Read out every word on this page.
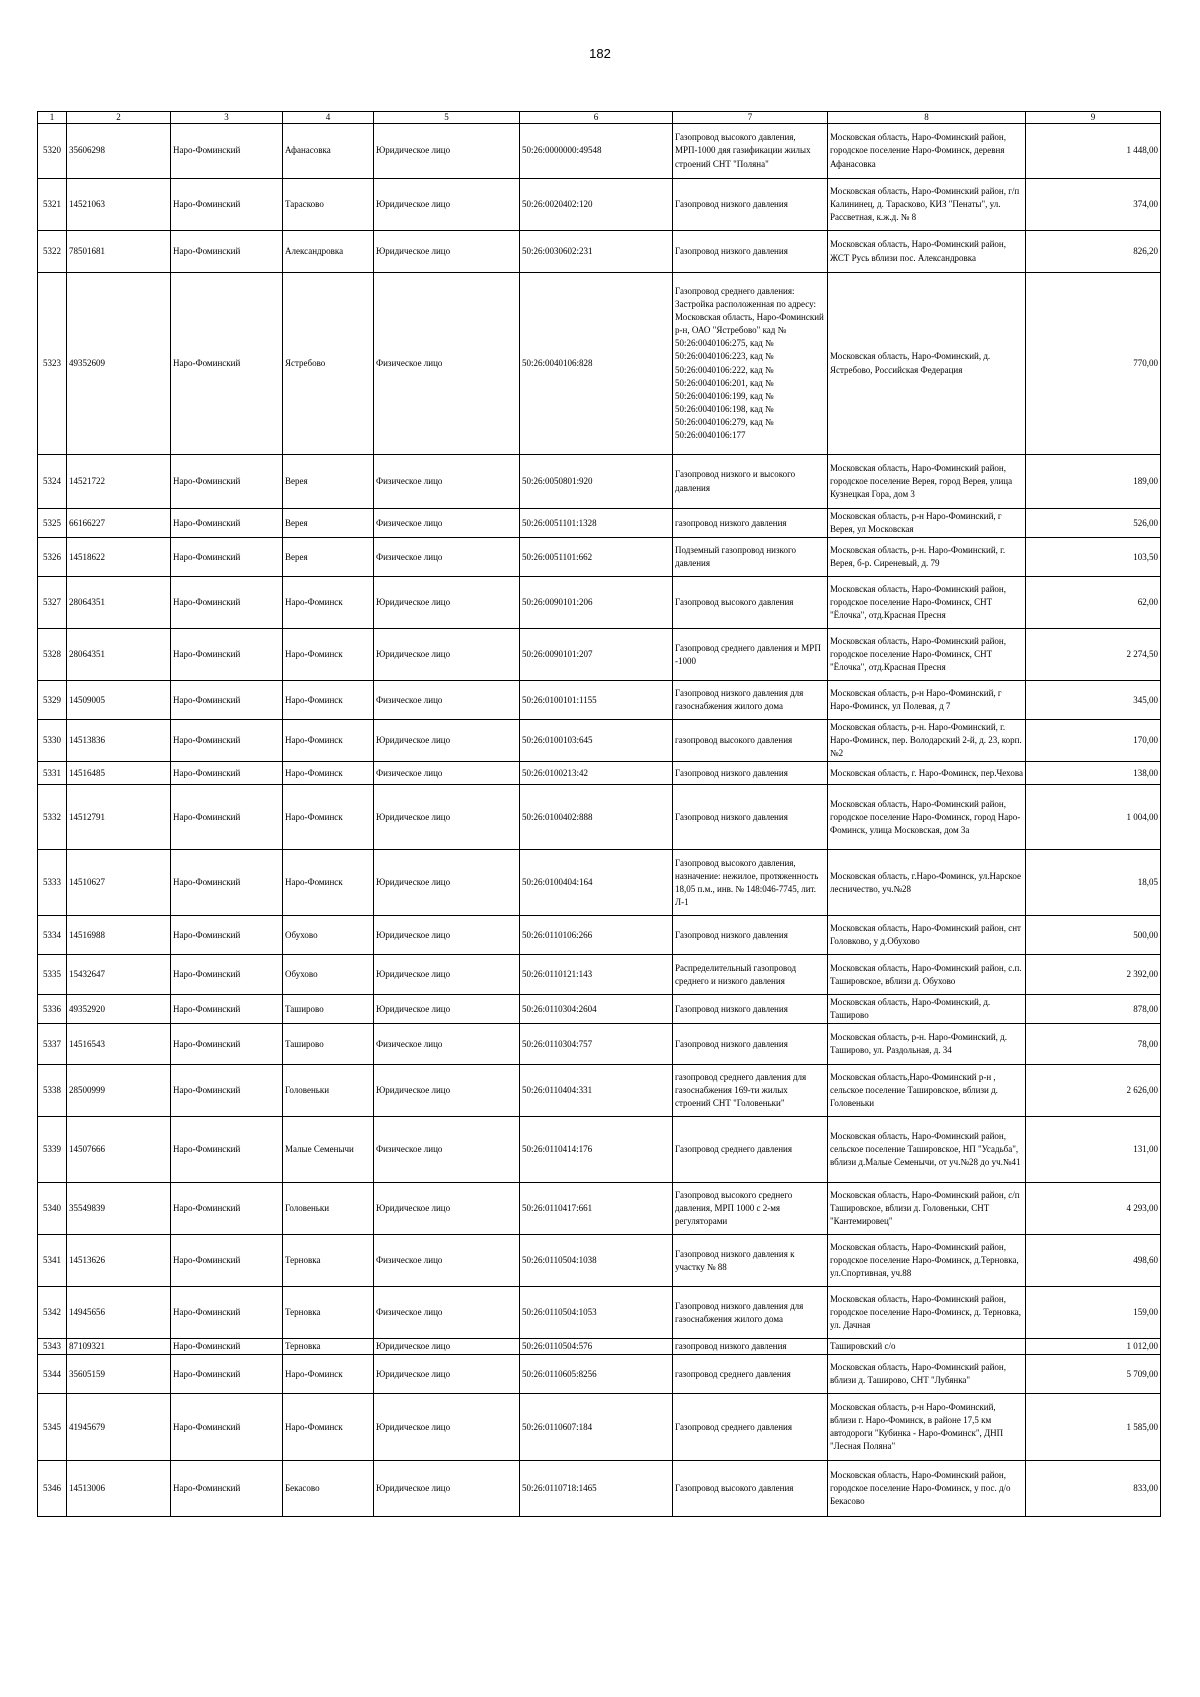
182
1	2	3	4	5	6	7	8	9
5320	35606298	Наро-Фоминский	Афанасовка	Юридическое лицо	50:26:0000000:49548	Газопровод высокого давления, МРП-1000 дяя газификации жилых строений СНТ "Поляна"	Московская область, Наро-Фоминский район, городское поселение Наро-Фоминск, деревня Афанасовка	1 448,00
5321	14521063	Наро-Фоминский	Тарасково	Юридическое лицо	50:26:0020402:120	Газопровод низкого давления	Московская область, Наро-Фоминский район, г/п Калининец, д. Тарасково, КИЗ "Пенаты", ул. Рассветная, к.ж.д. № 8	374,00
5322	78501681	Наро-Фоминский	Александровка	Юридическое лицо	50:26:0030602:231	Газопровод низкого давления	Московская область, Наро-Фоминский район, ЖСТ Русь вблизи пос. Александровка	826,20
5323	49352609	Наро-Фоминский	Ястребово	Физическое лицо	50:26:0040106:828	Газопровод среднего давления: Застройка расположенная по адресу: Московская область, Наро-Фоминский р-н, ОАО "Ястребово" кад № 50:26:0040106:275, кад № 50:26:0040106:223, кад № 50:26:0040106:222, кад № 50:26:0040106:201, кад № 50:26:0040106:199, кад № 50:26:0040106:198, кад № 50:26:0040106:279, кад № 50:26:0040106:177	Московская область, Наро-Фоминский, д. Ястребово, Российская Федерация	770,00
5324	14521722	Наро-Фоминский	Верея	Физическое лицо	50:26:0050801:920	Газопровод низкого и высокого давления	Московская область, Наро-Фоминский район, городское поселение Верея, город Верея, улица Кузнецкая Гора, дом 3	189,00
5325	66166227	Наро-Фоминский	Верея	Физическое лицо	50:26:0051101:1328	газопровод низкого давления	Московская область, р-н Наро-Фоминский, г Верея, ул Московская	526,00
5326	14518622	Наро-Фоминский	Верея	Физическое лицо	50:26:0051101:662	Подземный газопровод низкого давления	Московская область, р-н. Наро-Фоминский, г. Верея, б-р. Сиреневый, д. 79	103,50
5327	28064351	Наро-Фоминский	Наро-Фоминск	Юридическое лицо	50:26:0090101:206	Газопровод высокого давления	Московская область, Наро-Фоминский район, городское поселение Наро-Фоминск, СНТ "Ёлочка", отд.Красная Пресня	62,00
5328	28064351	Наро-Фоминский	Наро-Фоминск	Юридическое лицо	50:26:0090101:207	Газопровод среднего давления и МРП -1000	Московская область, Наро-Фоминский район, городское поселение Наро-Фоминск, СНТ "Ёлочка", отд.Красная Пресня	2 274,50
5329	14509005	Наро-Фоминский	Наро-Фоминск	Физическое лицо	50:26:0100101:1155	Газопровод низкого давления для газоснабжения жилого дома	Московская область, р-н Наро-Фоминский, г Наро-Фоминск, ул Полевая, д 7	345,00
5330	14513836	Наро-Фоминский	Наро-Фоминск	Юридическое лицо	50:26:0100103:645	газопровод высокого давления	Московская область, р-н. Наро-Фоминский, г. Наро-Фоминск, пер. Володарский 2-й, д. 23, корп. №2	170,00
5331	14516485	Наро-Фоминский	Наро-Фоминск	Физическое лицо	50:26:0100213:42	Газопровод низкого давления	Московская область, г. Наро-Фоминск, пер.Чехова	138,00
5332	14512791	Наро-Фоминский	Наро-Фоминск	Юридическое лицо	50:26:0100402:888	Газопровод низкого давления	Московская область, Наро-Фоминский район, городское поселение Наро-Фоминск, город Наро-Фоминск, улица Московская, дом 3а	1 004,00
5333	14510627	Наро-Фоминский	Наро-Фоминск	Юридическое лицо	50:26:0100404:164	Газопровод высокого давления, назначение: нежилое, протяженность 18,05 п.м., инв. № 148:046-7745, лит. Л-1	Московская область, г.Наро-Фоминск, ул.Нарское лесничество, уч.№28	18,05
5334	14516988	Наро-Фоминский	Обухово	Юридическое лицо	50:26:0110106:266	Газопровод низкого давления	Московская область, Наро-Фоминский район, снт Головково, у д.Обухово	500,00
5335	15432647	Наро-Фоминский	Обухово	Юридическое лицо	50:26:0110121:143	Распределительный газопровод среднего и низкого давления	Московская область, Наро-Фоминский район, с.п. Ташировское, вблизи д. Обухово	2 392,00
5336	49352920	Наро-Фоминский	Таширово	Юридическое лицо	50:26:0110304:2604	Газопровод низкого давления	Московская область, Наро-Фоминский, д. Таширово	878,00
5337	14516543	Наро-Фоминский	Таширово	Физическое лицо	50:26:0110304:757	Газопровод низкого давления	Московская область, р-н. Наро-Фоминский, д. Таширово, ул. Раздольная, д. 34	78,00
5338	28500999	Наро-Фоминский	Головеньки	Юридическое лицо	50:26:0110404:331	газопровод среднего давления для газоснабжения 169-ти жилых строений СНТ "Головеньки"	Московская область,Наро-Фоминский р-н , сельское поселение Ташировское, вблизи д. Головеньки	2 626,00
5339	14507666	Наро-Фоминский	Малые Семенычи	Физическое лицо	50:26:0110414:176	Газопровод среднего давления	Московская область, Наро-Фоминский район, сельское поселение Ташировское, НП "Усадьба", вблизи д.Малые Семенычи, от уч.№28 до уч.№41	131,00
5340	35549839	Наро-Фоминский	Головеньки	Юридическое лицо	50:26:0110417:661	Газопровод высокого среднего давления, МРП 1000 с 2-мя регуляторами	Московская область, Наро-Фоминский район, с/п Ташировское, вблизи д. Головеньки, СНТ "Кантемировец"	4 293,00
5341	14513626	Наро-Фоминский	Терновка	Физическое лицо	50:26:0110504:1038	Газопровод низкого давления к участку № 88	Московская область, Наро-Фоминский район, городское поселение Наро-Фоминск, д.Терновка, ул.Спортивная, уч.88	498,60
5342	14945656	Наро-Фоминский	Терновка	Физическое лицо	50:26:0110504:1053	Газопровод низкого давления для газоснабжения жилого дома	Московская область, Наро-Фоминский район, городское поселение Наро-Фоминск, д. Терновка, ул. Дачная	159,00
5343	87109321	Наро-Фоминский	Терновка	Юридическое лицо	50:26:0110504:576	газопровод низкого давления	Ташировский с/о	1 012,00
5344	35605159	Наро-Фоминский	Наро-Фоминск	Юридическое лицо	50:26:0110605:8256	газопровод среднего давления	Московская область, Наро-Фоминский район, вблизи д. Таширово, СНТ "Лубянка"	5 709,00
5345	41945679	Наро-Фоминский	Наро-Фоминск	Юридическое лицо	50:26:0110607:184	Газопровод среднего давления	Московская область, р-н Наро-Фоминский, вблизи г. Наро-Фоминск, в районе 17,5 км автодороги "Кубинка - Наро-Фоминск", ДНП "Лесная Поляна"	1 585,00
5346	14513006	Наро-Фоминский	Бекасово	Юридическое лицо	50:26:0110718:1465	Газопровод высокого давления	Московская область, Наро-Фоминский район, городское поселение Наро-Фоминск, у пос. д/о Бекасово	833,00
